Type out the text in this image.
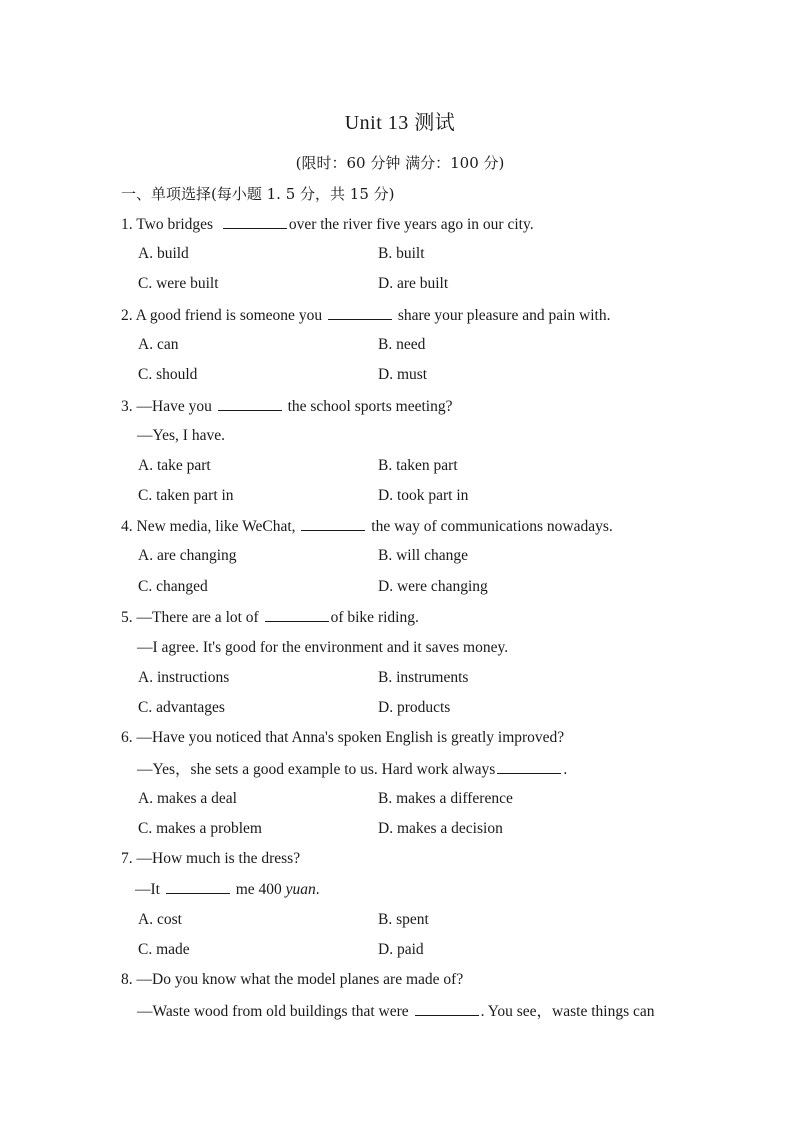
Unit 13 测试
(限时：60 分钟 满分：100 分)
一、单项选择(每小题 1. 5 分，共 15 分)
1. Two bridges	over the river five years ago in our city.
A. build	B. built
C. were built	D. are built
2. A good friend is someone you	share your pleasure and pain with.
A. can	B. need
C. should	D. must
3. —Have you	the school sports meeting?
—Yes, I have.
A. take part	B. taken part
C. taken part in	D. took part in
4. New media, like WeChat,	the way of communications nowadays.
A. are changing	B. will change
C. changed	D. were changing
5. —There are a lot of	of bike riding.
—I agree. It's good for the environment and it saves money.
A. instructions	B. instruments
C. advantages	D. products
6. —Have you noticed that Anna's spoken English is greatly improved?
—Yes，she sets a good example to us. Hard work always	.
A. makes a deal	B. makes a difference
C. makes a problem	D. makes a decision
7. —How much is the dress?
—It	me 400 yuan.
A. cost	B. spent
C. made	D. paid
8. —Do you know what the model planes are made of?
—Waste wood from old buildings that were	. You see，waste things can
